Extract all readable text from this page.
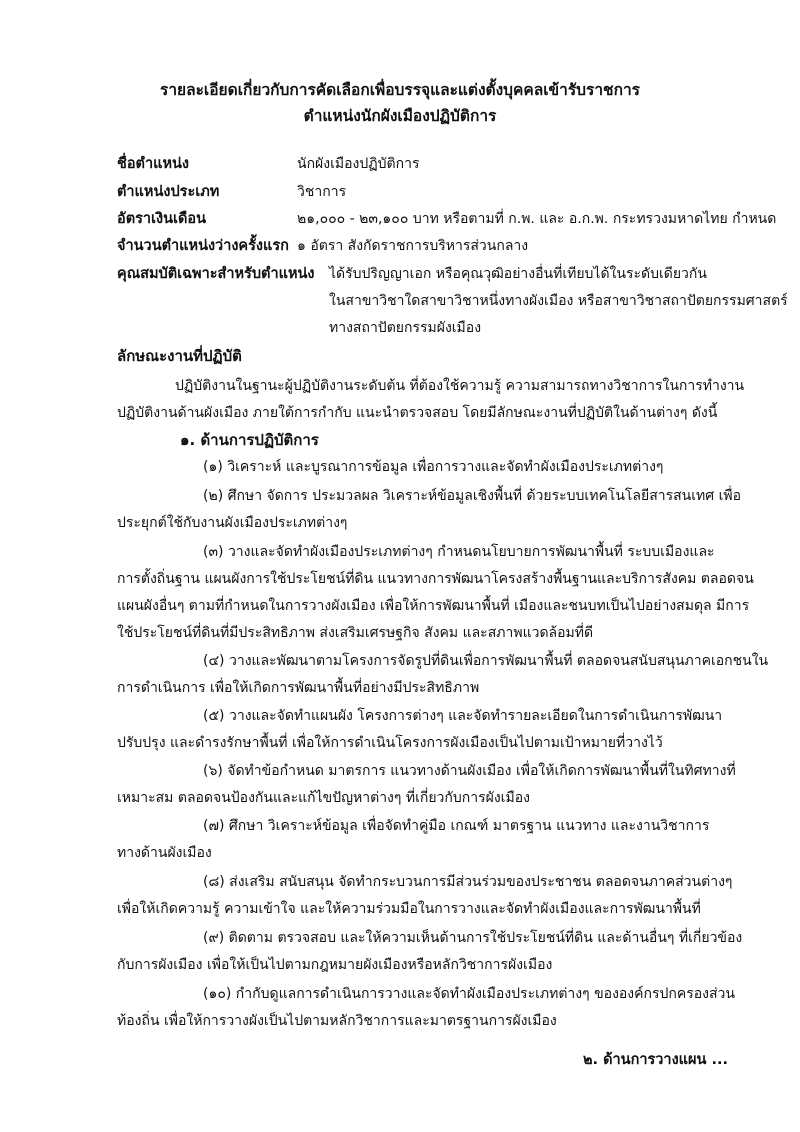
รายละเอียดเกี่ยวกับการคัดเลือกเพื่อบรรจุและแต่งตั้งบุคคลเข้ารับราชการ
ตำแหน่งนักผังเมืองปฏิบัติการ
ชื่อตำแหน่ง	นักผังเมืองปฏิบัติการ
ตำแหน่งประเภท	วิชาการ
อัตราเงินเดือน	๒๑,๐๐๐ - ๒๓,๑๐๐ บาท หรือตามที่ ก.พ. และ อ.ก.พ. กระทรวงมหาดไทย กำหนด
จำนวนตำแหน่งว่างครั้งแรก ๑ อัตรา สังกัดราชการบริหารส่วนกลาง
คุณสมบัติเฉพาะสำหรับตำแหน่ง ได้รับปริญญาเอก หรือคุณวุฒิอย่างอื่นที่เทียบได้ในระดับเดียวกัน
ในสาขาวิชาใดสาขาวิชาหนึ่งทางผังเมือง หรือสาขาวิชาสถาปัตยกรรมศาสตร์
ทางสถาปัตยกรรมผังเมือง
ลักษณะงานที่ปฏิบัติ
ปฏิบัติงานในฐานะผู้ปฏิบัติงานระดับต้น ที่ต้องใช้ความรู้ ความสามารถทางวิชาการในการทำงาน
ปฏิบัติงานด้านผังเมือง ภายใต้การกำกับ แนะนำตรวจสอบ โดยมีลักษณะงานที่ปฏิบัติในด้านต่างๆ ดังนี้
๑. ด้านการปฏิบัติการ
(๑) วิเคราะห์ และบูรณาการข้อมูล เพื่อการวางและจัดทำผังเมืองประเภทต่างๆ
(๒) ศึกษา จัดการ ประมวลผล วิเคราะห์ข้อมูลเชิงพื้นที่ ด้วยระบบเทคโนโลยีสารสนเทศ เพื่อ
ประยุกต์ใช้กับงานผังเมืองประเภทต่างๆ
(๓) วางและจัดทำผังเมืองประเภทต่างๆ กำหนดนโยบายการพัฒนาพื้นที่ ระบบเมืองและ
การตั้งถิ่นฐาน แผนผังการใช้ประโยชน์ที่ดิน แนวทางการพัฒนาโครงสร้างพื้นฐานและบริการสังคม ตลอดจน
แผนผังอื่นๆ ตามที่กำหนดในการวางผังเมือง เพื่อให้การพัฒนาพื้นที่ เมืองและชนบทเป็นไปอย่างสมดุล มีการ
ใช้ประโยชน์ที่ดินที่มีประสิทธิภาพ ส่งเสริมเศรษฐกิจ สังคม และสภาพแวดล้อมที่ดี
(๔) วางและพัฒนาตามโครงการจัดรูปที่ดินเพื่อการพัฒนาพื้นที่ ตลอดจนสนับสนุนภาคเอกชนใน
การดำเนินการ เพื่อให้เกิดการพัฒนาพื้นที่อย่างมีประสิทธิภาพ
(๕) วางและจัดทำแผนผัง โครงการต่างๆ และจัดทำรายละเอียดในการดำเนินการพัฒนา
ปรับปรุง และดำรงรักษาพื้นที่ เพื่อให้การดำเนินโครงการผังเมืองเป็นไปตามเป้าหมายที่วางไว้
(๖) จัดทำข้อกำหนด มาตรการ แนวทางด้านผังเมือง เพื่อให้เกิดการพัฒนาพื้นที่ในทิศทางที่
เหมาะสม ตลอดจนป้องกันและแก้ไขปัญหาต่างๆ ที่เกี่ยวกับการผังเมือง
(๗) ศึกษา วิเคราะห์ข้อมูล เพื่อจัดทำคู่มือ เกณฑ์ มาตรฐาน แนวทาง และงานวิชาการ
ทางด้านผังเมือง
(๘) ส่งเสริม สนับสนุน จัดทำกระบวนการมีส่วนร่วมของประชาชน ตลอดจนภาคส่วนต่างๆ
เพื่อให้เกิดความรู้ ความเข้าใจ และให้ความร่วมมือในการวางและจัดทำผังเมืองและการพัฒนาพื้นที่
(๙) ติดตาม ตรวจสอบ และให้ความเห็นด้านการใช้ประโยชน์ที่ดิน และด้านอื่นๆ ที่เกี่ยวข้อง
กับการผังเมือง เพื่อให้เป็นไปตามกฎหมายผังเมืองหรือหลักวิชาการผังเมือง
(๑๐) กำกับดูแลการดำเนินการวางและจัดทำผังเมืองประเภทต่างๆ ขององค์กรปกครองส่วน
ท้องถิ่น เพื่อให้การวางผังเป็นไปตามหลักวิชาการและมาตรฐานการผังเมือง
๒. ด้านการวางแผน ...
